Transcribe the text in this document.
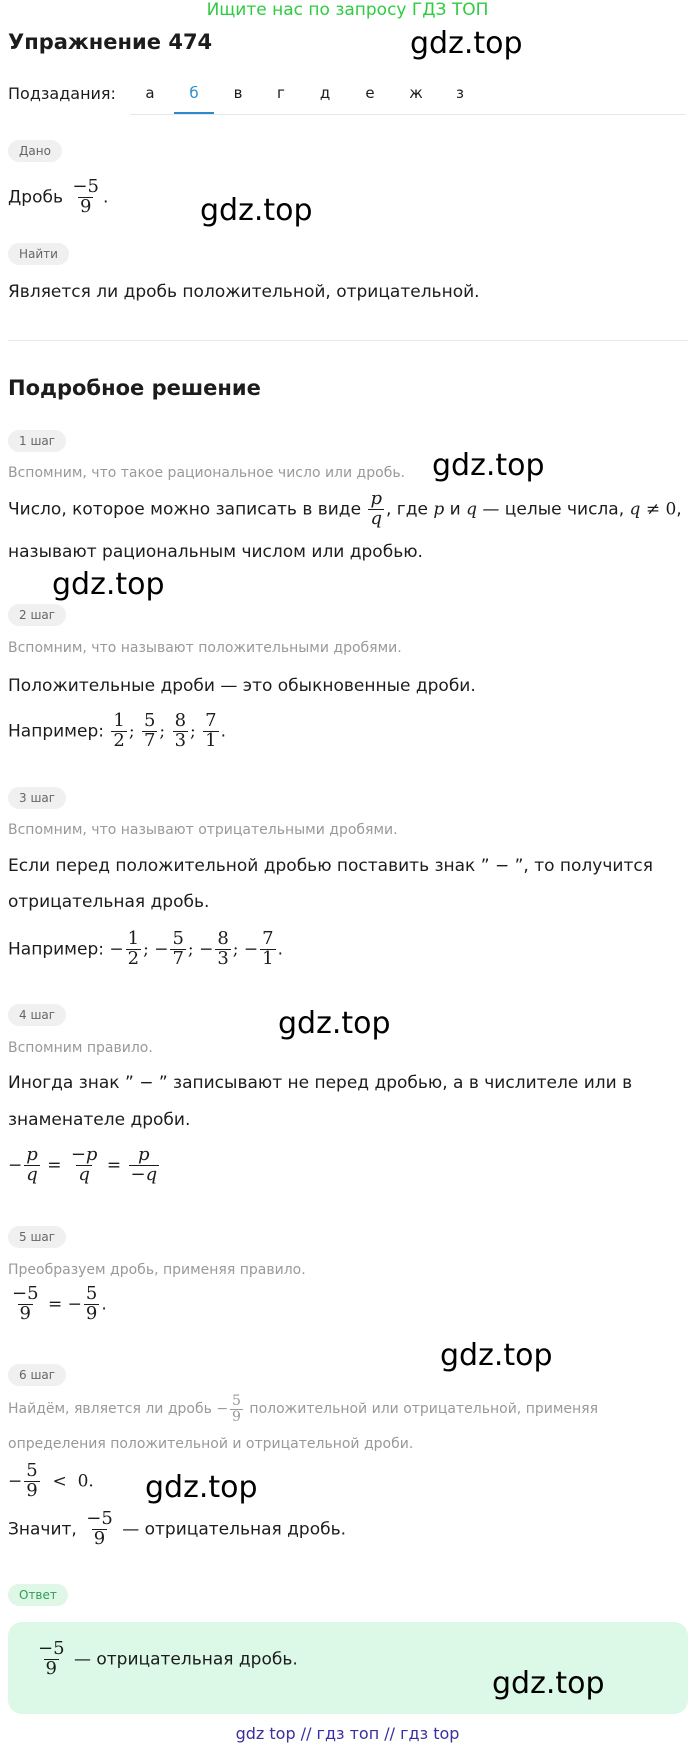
Ищите нас по запросу ГДЗ ТОП
Упражнение 474
Подзадания:	а	б	в	г	д	е	ж	з
gdz.top
Дано
Дробь $\frac{-5}{9}$ .	gdz.top
Найти
Является ли дробь положительной, отрицательной.
Подробное решение
1 шаг
Вспомним, что такое рациональное число или дробь. gdz.top
Число, которое можно записать в виде $\frac{p}{q}$ , где p и q — целые числа, q ≠ 0,
называют рациональным числом или дробью.
gdz.top
2 шаг
Вспомним, что называют положительными дробями.
Положительные дроби — это обыкновенные дроби.
Например: $\frac{1}{2}$ ; $\frac{5}{7}$ ; $\frac{8}{3}$ ; $\frac{7}{1}$ .
3 шаг
Вспомним, что называют отрицательными дробями.
Если перед положительной дробью поставить знак ” − ”, то получится
отрицательная дробь.
Например: − $\frac{1}{2}$ ; − $\frac{5}{7}$ ; − $\frac{8}{3}$ ; − $\frac{7}{1}$ .
4 шаг	gdz.top
Вспомним правило.
Иногда знак ” − ” записывают не перед дробью, а в числителе или в
знаменателе дроби.
− $\frac{p}{q} = \frac{-p}{q} = \frac{p}{-q}$
5 шаг
Преобразуем дробь, применяя правило.
$\frac{-5}{9}$ = − $\frac{5}{9}$ .
gdz.top
6 шаг
Найдём, является ли дробь − $\frac{5}{9}$ положительной или отрицательной, применяя
определения положительной и отрицательной дроби.
− $\frac{5}{9} < 0$. gdz.top
Значит, $\frac{-5}{9}$ — отрицательная дробь.
Ответ
$\frac{-5}{9}$ — отрицательная дробь.
gdz.top
gdz top // гдз топ // гдз top
